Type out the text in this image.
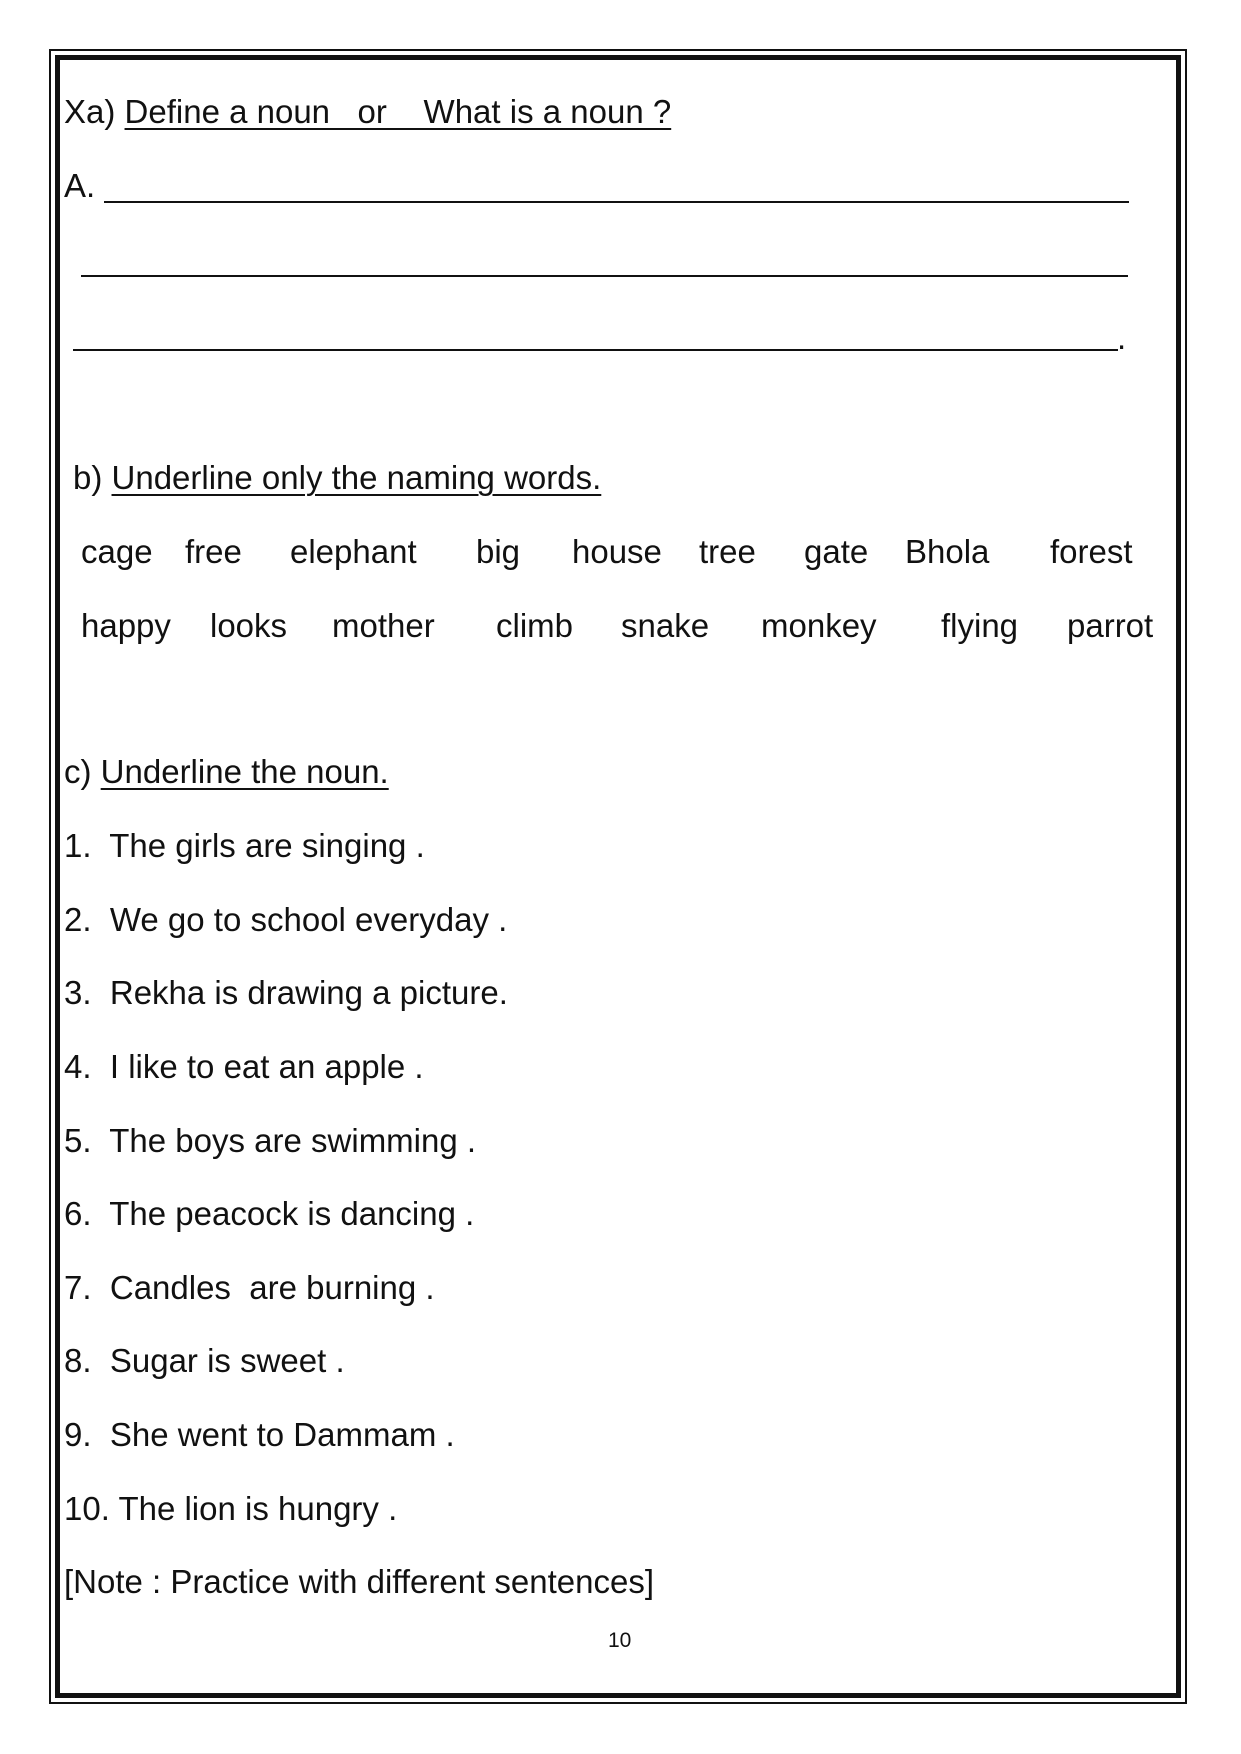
Xa) Define a noun   or    What is a noun ?
A.
.
b) Underline only the naming words.
cage free elephant big house tree gate Bhola forest
happy looks mother climb snake monkey flying parrot
c) Underline the noun.
1.  The girls are singing .
2.  We go to school everyday .
3.  Rekha is drawing a picture.
4.  I like to eat an apple .
5.  The boys are swimming .
6.  The peacock is dancing .
7.  Candles  are burning .
8.  Sugar is sweet .
9.  She went to Dammam .
10. The lion is hungry .
[Note : Practice with different sentences]
10
